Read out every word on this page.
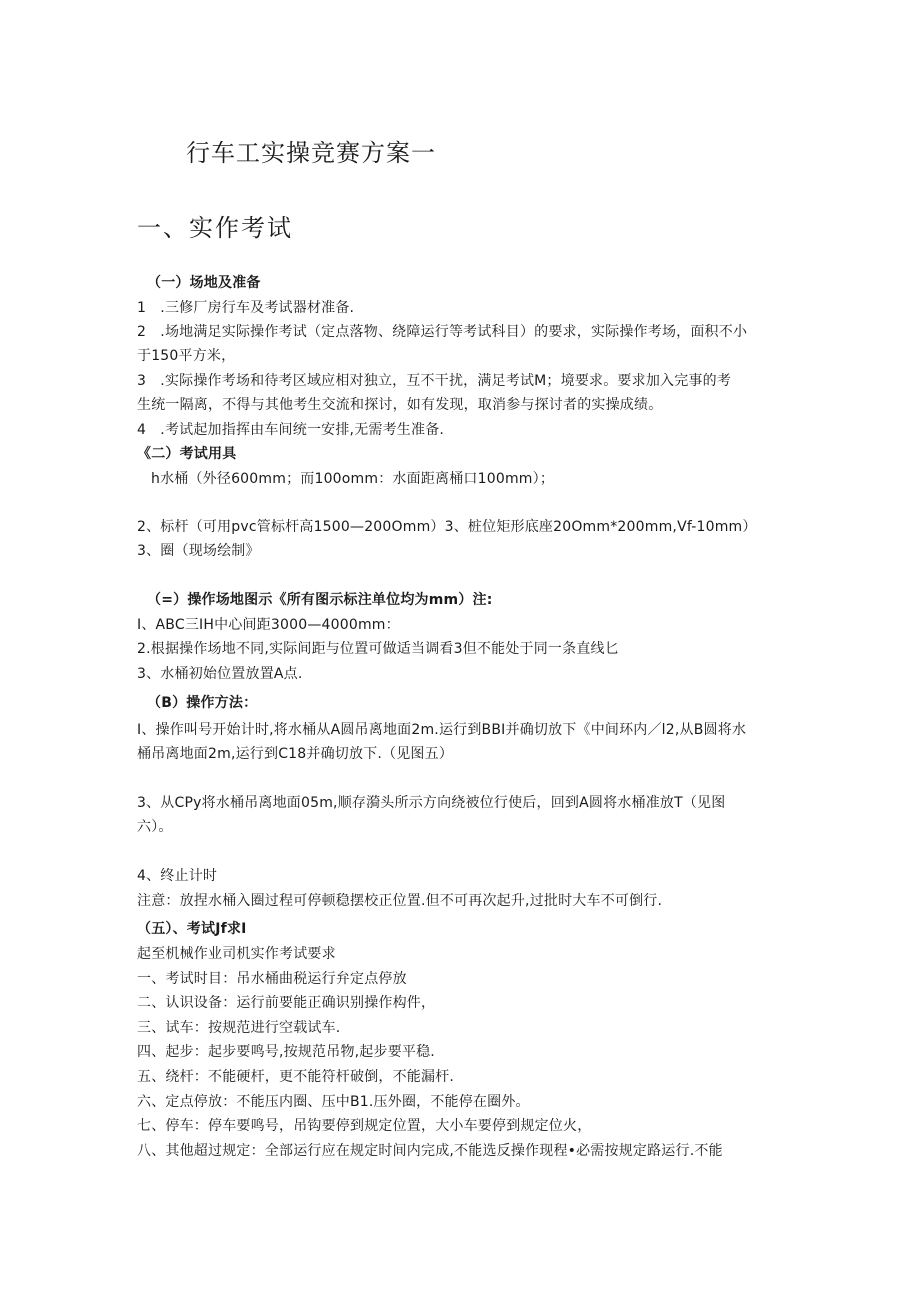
行车工实操竞赛方案一
一、实作考试
（一）场地及准备
1　.三修厂房行车及考试器材准备.
2　.场地满足实际操作考试（定点落物、绕障运行等考试科目）的要求，实际操作考场，面积不小
于150平方米，
3　.实际操作考场和待考区域应相对独立，互不干扰，满足考试M；境要求。要求加入完事的考
生统一隔离，不得与其他考生交流和探讨，如有发现，取消参与探讨者的实操成绩。
4　.考试起加指挥由车间统一安排,无需考生准备.
《二）考试用具
h水桶（外径600mm；而100omm：水面距离桶口100mm）；
2、标杆（可用pvc管标杆高1500—200Omm）3、桩位矩形底座20Omm*200mm,Vf-10mm）
3、圈（现场绘制》
（=）操作场地图示《所有图示标注单位均为mm）注:
I、ABC三IH中心间距3000—4000mm：
2.根据操作场地不同,实际间距与位置可做适当调看3但不能处于同一条直线匕
3、水桶初始位置放置A点.
（B）操作方法：
I、操作叫号开始计时,将水桶从A圆吊离地面2m.运行到BBI并确切放下《中间环内／l2,从B圆将水
桶吊离地面2m,运行到C18并确切放下.（见图五）
3、从CPy将水桶吊离地面05m,顺存漪头所示方向绕被位行使后，回到A圆将水桶准放T（见图
六）。
4、终止计时
注意：放捏水桶入圈过程可停顿稳摆校正位置.但不可再次起升,过批时大车不可倒行.
（五）、考试Jf求I
起至机械作业司机实作考试要求
一、考试时目：吊水桶曲税运行弁定点停放
二、认识设备：运行前要能正确识别操作构件，
三、试车：按规范进行空载试车.
四、起步：起步要鸣号,按规范吊物,起步要平稳.
五、绕杆：不能硬杆，更不能符杆破倒，不能漏杆.
六、定点停放：不能压内圈、压中B1.压外圈，不能停在圈外。
七、停车：停车要鸣号，吊钩要停到规定位置，大小车要停到规定位火，
八、其他超过规定：全部运行应在规定时间内完成,不能选反操作现程•必需按规定路运行.不能
